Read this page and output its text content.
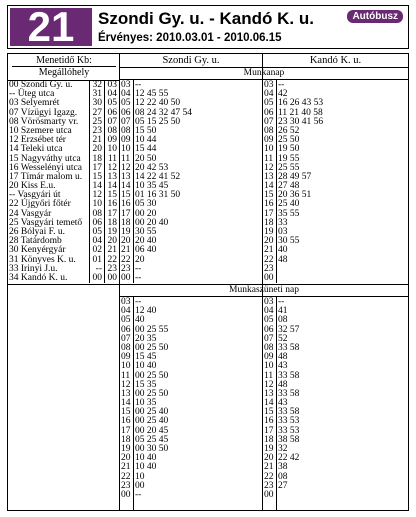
21	Szondi Gy. u. - Kandó K. u.
Érvényes: 2010.03.01 - 2010.06.15
Autóbusz
Menetidő Kb:
Megállóhely
Szondi Gy. u.	Kandó K. u.
Munkanap
00 Szondi Gy. u. 32 03
-- Üteg utca	31 04
03 Selyemrét	30 05
07 Vízügyi Igazg. 27 06
08 Vörösmarty vr. 25 07
10 Szemere utca 23 08
12 Erzsébet tér	21 09
14 Teleki utca	20 10
15 Nagyváthy utca 18 11
16 Wesselényi utca 17 12
17 Tímár malom u. 15 13
20 Kiss E.u.	14 14
-- Vasgyári út	12 15
22 Újgyőri főtér 10 16
24 Vasgyár	08 17
25 Vasgyári temető 06 18
26 Bólyai F. u.	05 19
28 Tatárdomb	04 20
30 Kenyérgyár	02 21
31 Könyves K. u. 01 22
33 Irinyi J.u.	-- 23
34 Kandó K. u.	00 00
03 --
04 12 45 55
05 12 22 40 50
06 08 24 32 47 54
07 05 15 25 50
08 15 50
09 10 44
10 15 44
11 20 50
12 20 42 53
13 14 22 41 52
14 10 35 45
15 01 16 31 50
16 05 30
17 00 20
18 00 20 40
19 30 55
20 20 40
21 06 40
22 20
23 --
00 --
03 --
04 42
05 16 26 43 53
06 11 21 40 58
07 23 30 41 56
08 26 52
09 25 50
10 19 50
11 19 55
12 25 55
13 28 49 57
14 27 48
15 20 36 51
16 25 40
17 35 55
18 33
19 03
20 30 55
21 40
22 48
23
00
Munkaszüneti nap
03 --
04 12 40
05 40
06 00 25 55
07 20 35
08 00 25 50
09 15 45
10 10 40
11 00 25 50
12 15 35
13 00 25 50
14 10 35
15 00 25 40
16 00 25 40
17 00 20 45
18 05 25 45
19 00 30 50
20 10 40
21 10 40
22 10
23 00
00 --
03 --
04 41
05 08
06 32 57
07 52
08 33 58
09 48
10 43
11 33 58
12 48
13 33 58
14 43
15 33 58
16 33 53
17 33 53
18 38 58
19 32
20 22 42
21 38
22 08
23 27
00
